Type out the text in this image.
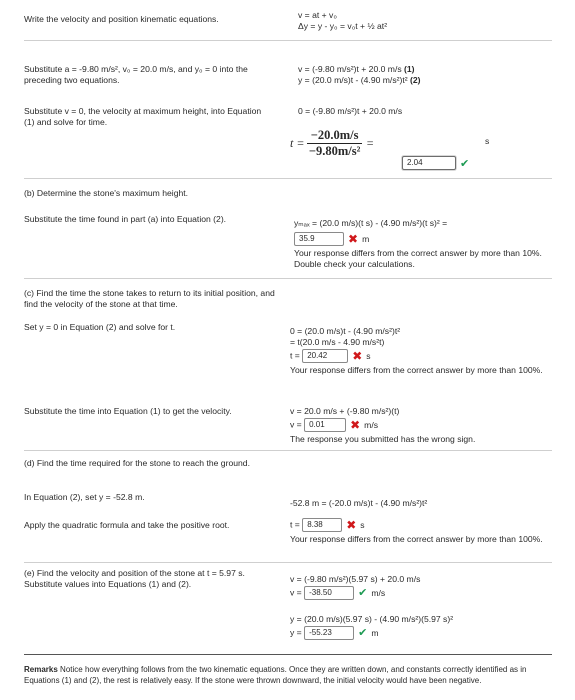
Write the velocity and position kinematic equations.	v = at + v₀
Δy = y - y₀ = v₀t + ½ at²
Substitute a = -9.80 m/s², v₀ = 20.0 m/s, and y₀ = 0 into the preceding two equations.
v = (-9.80 m/s²)t + 20.0 m/s (1)
y = (20.0 m/s)t - (4.90 m/s²)t² (2)
Substitute v = 0, the velocity at maximum height, into Equation (1) and solve for time.
0 = (-9.80 m/s²)t + 20.0 m/s
$t = \frac{-20.0m/s}{\text{−9.80m/s²}}$ =	s
2.04	✔
(b) Determine the stone's maximum height.
Substitute the time found in part (a) into Equation (2).	yₘₐₓ = (20.0 m/s)(t s) - (4.90 m/s²)(t s)² =
35.9	✖ m
Your response differs from the correct answer by more than 10%. Double check your calculations.
(c) Find the time the stone takes to return to its initial position, and find the velocity of the stone at that time.
Set y = 0 in Equation (2) and solve for t.	0 = (20.0 m/s)t - (4.90 m/s²)t²
= t(20.0 m/s - 4.90 m/s²t)
t = 20.42 ✖ s
Your response differs from the correct answer by more than 100%.
Substitute the time into Equation (1) to get the velocity.	v = 20.0 m/s + (-9.80 m/s²)(t)
v = 0.01 ✖ m/s
The response you submitted has the wrong sign.
(d) Find the time required for the stone to reach the ground.
In Equation (2), set y = -52.8 m.
-52.8 m = (-20.0 m/s)t - (4.90 m/s²)t²
Apply the quadratic formula and take the positive root.	t = 8.38 ✖ s
Your response differs from the correct answer by more than 100%.
(e) Find the velocity and position of the stone at t = 5.97 s. Substitute values into Equations (1) and (2).	v = (-9.80 m/s²)(5.97 s) + 20.0 m/s
v = -38.50 ✔ m/s
y = (20.0 m/s)(5.97 s) - (4.90 m/s²)(5.97 s)²
y = -55.23 ✔ m
Remarks Notice how everything follows from the two kinematic equations. Once they are written down, and constants correctly identified as in Equations (1) and (2), the rest is relatively easy. If the stone were thrown downward, the initial velocity would have been negative.
